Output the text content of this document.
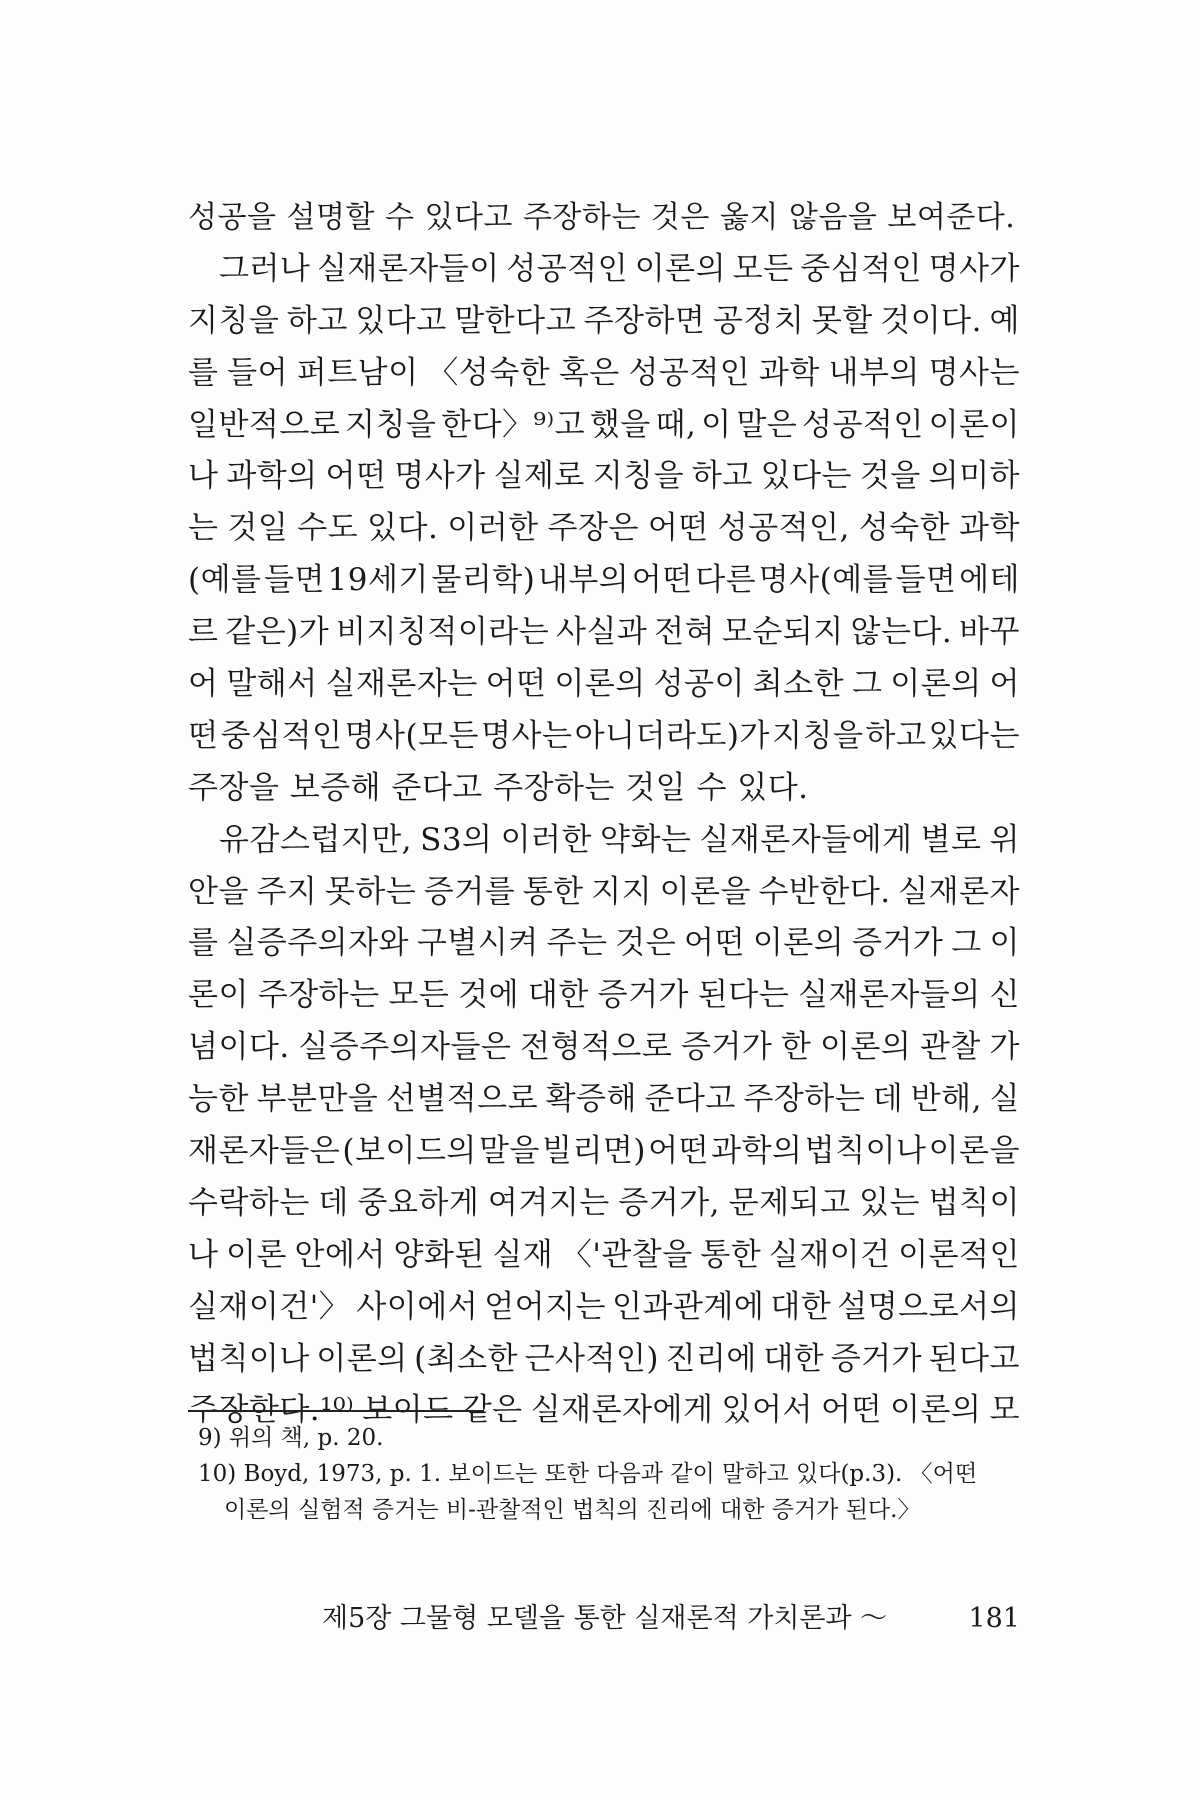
성공을 설명할 수 있다고 주장하는 것은 옳지 않음을 보여준다.
그러나 실재론자들이 성공적인 이론의 모든 중심적인 명사가
지칭을 하고 있다고 말한다고 주장하면 공정치 못할 것이다. 예
를 들어 퍼트남이 〈성숙한 혹은 성공적인 과학 내부의 명사는
일반적으로 지칭을 한다〉⁹⁾고 했을 때, 이 말은 성공적인 이론이
나 과학의 어떤 명사가 실제로 지칭을 하고 있다는 것을 의미하
는 것일 수도 있다. 이러한 주장은 어떤 성공적인, 성숙한 과학
(예를 들면 19세기 물리학) 내부의 어떤 다른 명사(예를 들면 에테
르 같은)가 비지칭적이라는 사실과 전혀 모순되지 않는다. 바꾸
어 말해서 실재론자는 어떤 이론의 성공이 최소한 그 이론의 어
떤 중심적인 명사(모든 명사는 아니더라도)가 지칭을 하고 있다는
주장을 보증해 준다고 주장하는 것일 수 있다.
유감스럽지만, S3의 이러한 약화는 실재론자들에게 별로 위
안을 주지 못하는 증거를 통한 지지 이론을 수반한다. 실재론자
를 실증주의자와 구별시켜 주는 것은 어떤 이론의 증거가 그 이
론이 주장하는 모든 것에 대한 증거가 된다는 실재론자들의 신
념이다. 실증주의자들은 전형적으로 증거가 한 이론의 관찰 가
능한 부분만을 선별적으로 확증해 준다고 주장하는 데 반해, 실
재론자들은 (보이드의 말을 빌리면) 어떤 과학의 법칙이나 이론을
수락하는 데 중요하게 여겨지는 증거가, 문제되고 있는 법칙이
나 이론 안에서 양화된 실재 〈'관찰을 통한 실재이건 이론적인
실재이건'〉 사이에서 얻어지는 인과관계에 대한 설명으로서의
법칙이나 이론의 (최소한 근사적인) 진리에 대한 증거가 된다고
주장한다.¹⁰⁾ 보이드 같은 실재론자에게 있어서 어떤 이론의 모
9) 위의 책, p. 20.
10) Boyd, 1973, p. 1. 보이드는 또한 다음과 같이 말하고 있다(p.3). 〈어떤
이론의 실험적 증거는 비-관찰적인 법칙의 진리에 대한 증거가 된다.〉
제5장 그물형 모델을 통한 실재론적 가치론과 ～	181
